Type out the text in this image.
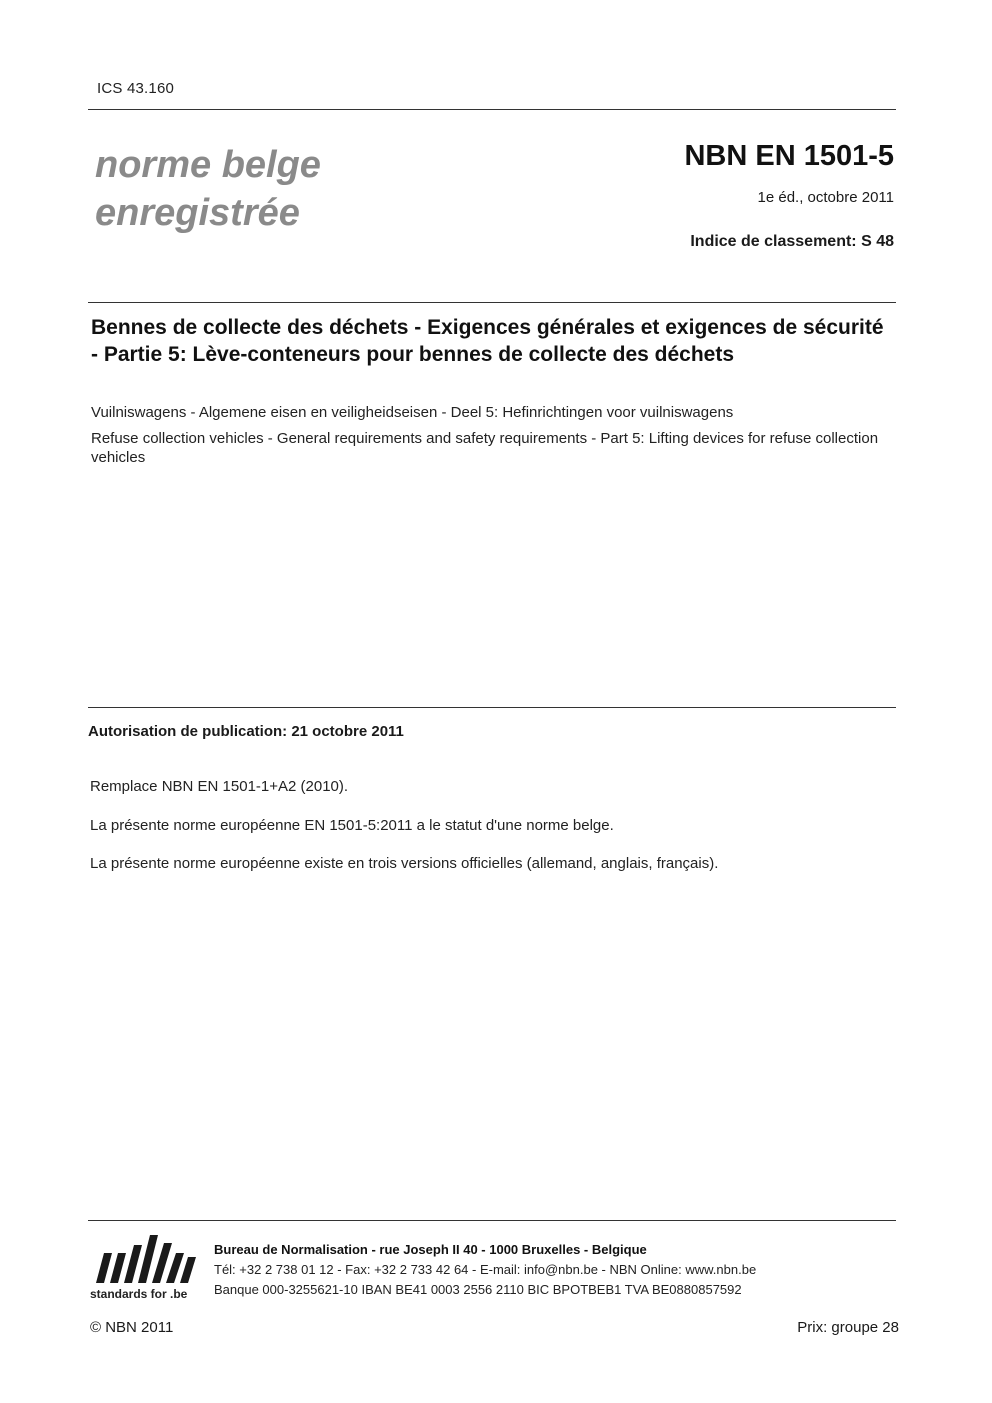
ICS 43.160
norme belge
enregistrée
NBN EN 1501-5
1e éd., octobre 2011
Indice de classement: S 48
Bennes de collecte des déchets - Exigences générales et exigences de sécurité - Partie 5: Lève-conteneurs pour bennes de collecte des déchets
Vuilniswagens - Algemene eisen en veiligheidseisen - Deel 5: Hefinrichtingen voor vuilniswagens
Refuse collection vehicles - General requirements and safety requirements - Part 5: Lifting devices for refuse collection vehicles
Autorisation de publication: 21 octobre 2011
Remplace NBN EN 1501-1+A2 (2010).
La présente norme européenne EN 1501-5:2011 a le statut d'une norme belge.
La présente norme européenne existe en trois versions officielles (allemand, anglais, français).
standards for .be
Bureau de Normalisation - rue Joseph II 40 - 1000 Bruxelles - Belgique
Tél: +32 2 738 01 12 - Fax: +32 2 733 42 64 - E-mail: info@nbn.be - NBN Online: www.nbn.be
Banque 000-3255621-10 IBAN BE41 0003 2556 2110 BIC BPOTBEB1 TVA BE0880857592
© NBN 2011	Prix: groupe 28
